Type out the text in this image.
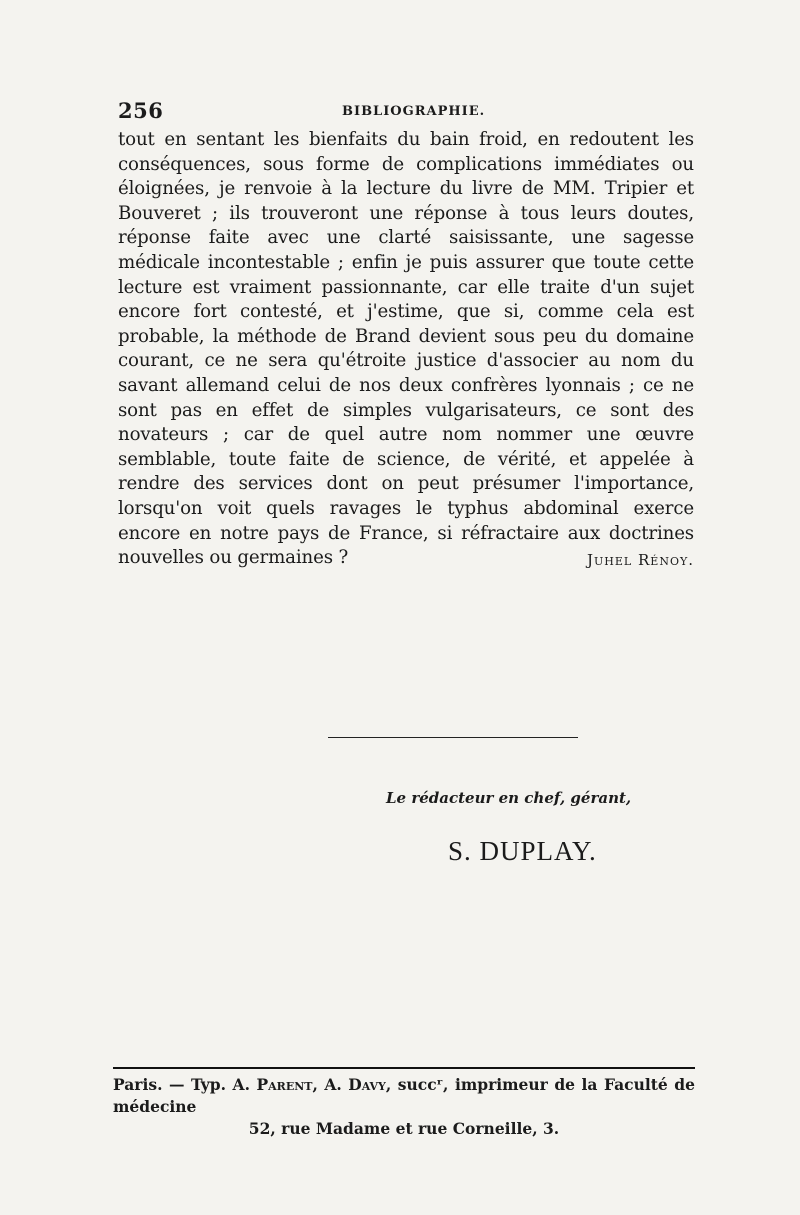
256	BIBLIOGRAPHIE.
tout en sentant les bienfaits du bain froid, en redoutent les conséquences, sous forme de complications immédiates ou éloignées, je renvoie à la lecture du livre de MM. Tripier et Bouveret ; ils trouveront une réponse à tous leurs doutes, réponse faite avec une clarté saisissante, une sagesse médicale incontestable ; enfin je puis assurer que toute cette lecture est vraiment passionnante, car elle traite d'un sujet encore fort contesté, et j'estime, que si, comme cela est probable, la méthode de Brand devient sous peu du domaine courant, ce ne sera qu'étroite justice d'associer au nom du savant allemand celui de nos deux confrères lyonnais ; ce ne sont pas en effet de simples vulgarisateurs, ce sont des novateurs ; car de quel autre nom nommer une œuvre semblable, toute faite de science, de vérité, et appelée à rendre des services dont on peut présumer l'importance, lorsqu'on voit quels ravages le typhus abdominal exerce encore en notre pays de France, si réfractaire aux doctrines nouvelles ou germaines ?	Juhel Rénoy.
Le rédacteur en chef, gérant,
S. DUPLAY.
Paris. — Typ. A. Parent, A. Davy, succʳ, imprimeur de la Faculté de médecine
52, rue Madame et rue Corneille, 3.
